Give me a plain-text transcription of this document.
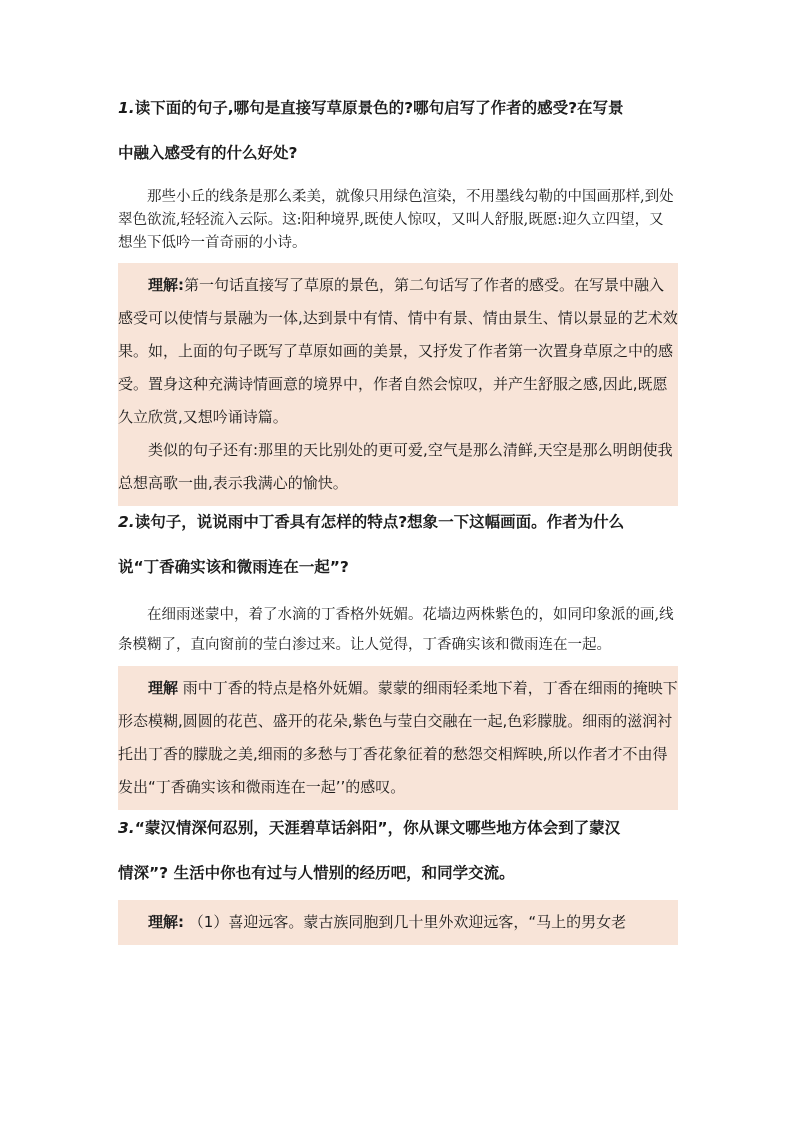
1.读下面的句子,哪句是直接写草原景色的?哪句启写了作者的感受?在写景

中融入感受有的什么好处?

那些小丘的线条是那么柔美，就像只用绿色渲染，不用墨线勾勒的中国画那样,到处翠色欲流,轻轻流入云际。这:阳种境界,既使人惊叹，又叫人舒服,既愿:迎久立四望，又想坐下低吟一首奇丽的小诗。

理解:第一句话直接写了草原的景色，第二句话写了作者的感受。在写景中融入感受可以使情与景融为一体,达到景中有情、情中有景、情由景生、情以景显的艺术效果。如，上面的句子既写了草原如画的美景，又抒发了作者第一次置身草原之中的感受。置身这种充满诗情画意的境界中，作者自然会惊叹，并产生舒服之感,因此,既愿久立欣赏,又想吟诵诗篇。

类似的句子还有:那里的天比别处的更可爱,空气是那么清鲜,天空是那么明朗使我总想高歌一曲,表示我满心的愉快。

2.读句子，说说雨中丁香具有怎样的特点?想象一下这幅画面。作者为什么

说“丁香确实该和微雨连在一起”?

在细雨迷蒙中，着了水滴的丁香格外妩媚。花墙边两株紫色的，如同印象派的画,线条模糊了，直向窗前的莹白渗过来。让人觉得，丁香确实该和微雨连在一起。

理解 雨中丁香的特点是格外妩媚。蒙蒙的细雨轻柔地下着，丁香在细雨的掩映下形态模糊,圆圆的花芭、盛开的花朵,紫色与莹白交融在一起,色彩朦胧。细雨的滋润衬托出丁香的朦胧之美,细雨的多愁与丁香花象征着的愁怨交相辉映,所以作者才不由得发出“丁香确实该和微雨连在一起’’的感叹。

3.“蒙汉情深何忍别，天涯碧草话斜阳”，你从课文哪些地方体会到了蒙汉

情深”? 生活中你也有过与人惜别的经历吧，和同学交流。

理解: （1）喜迎远客。蒙古族同胞到几十里外欢迎远客，“马上的男女老
